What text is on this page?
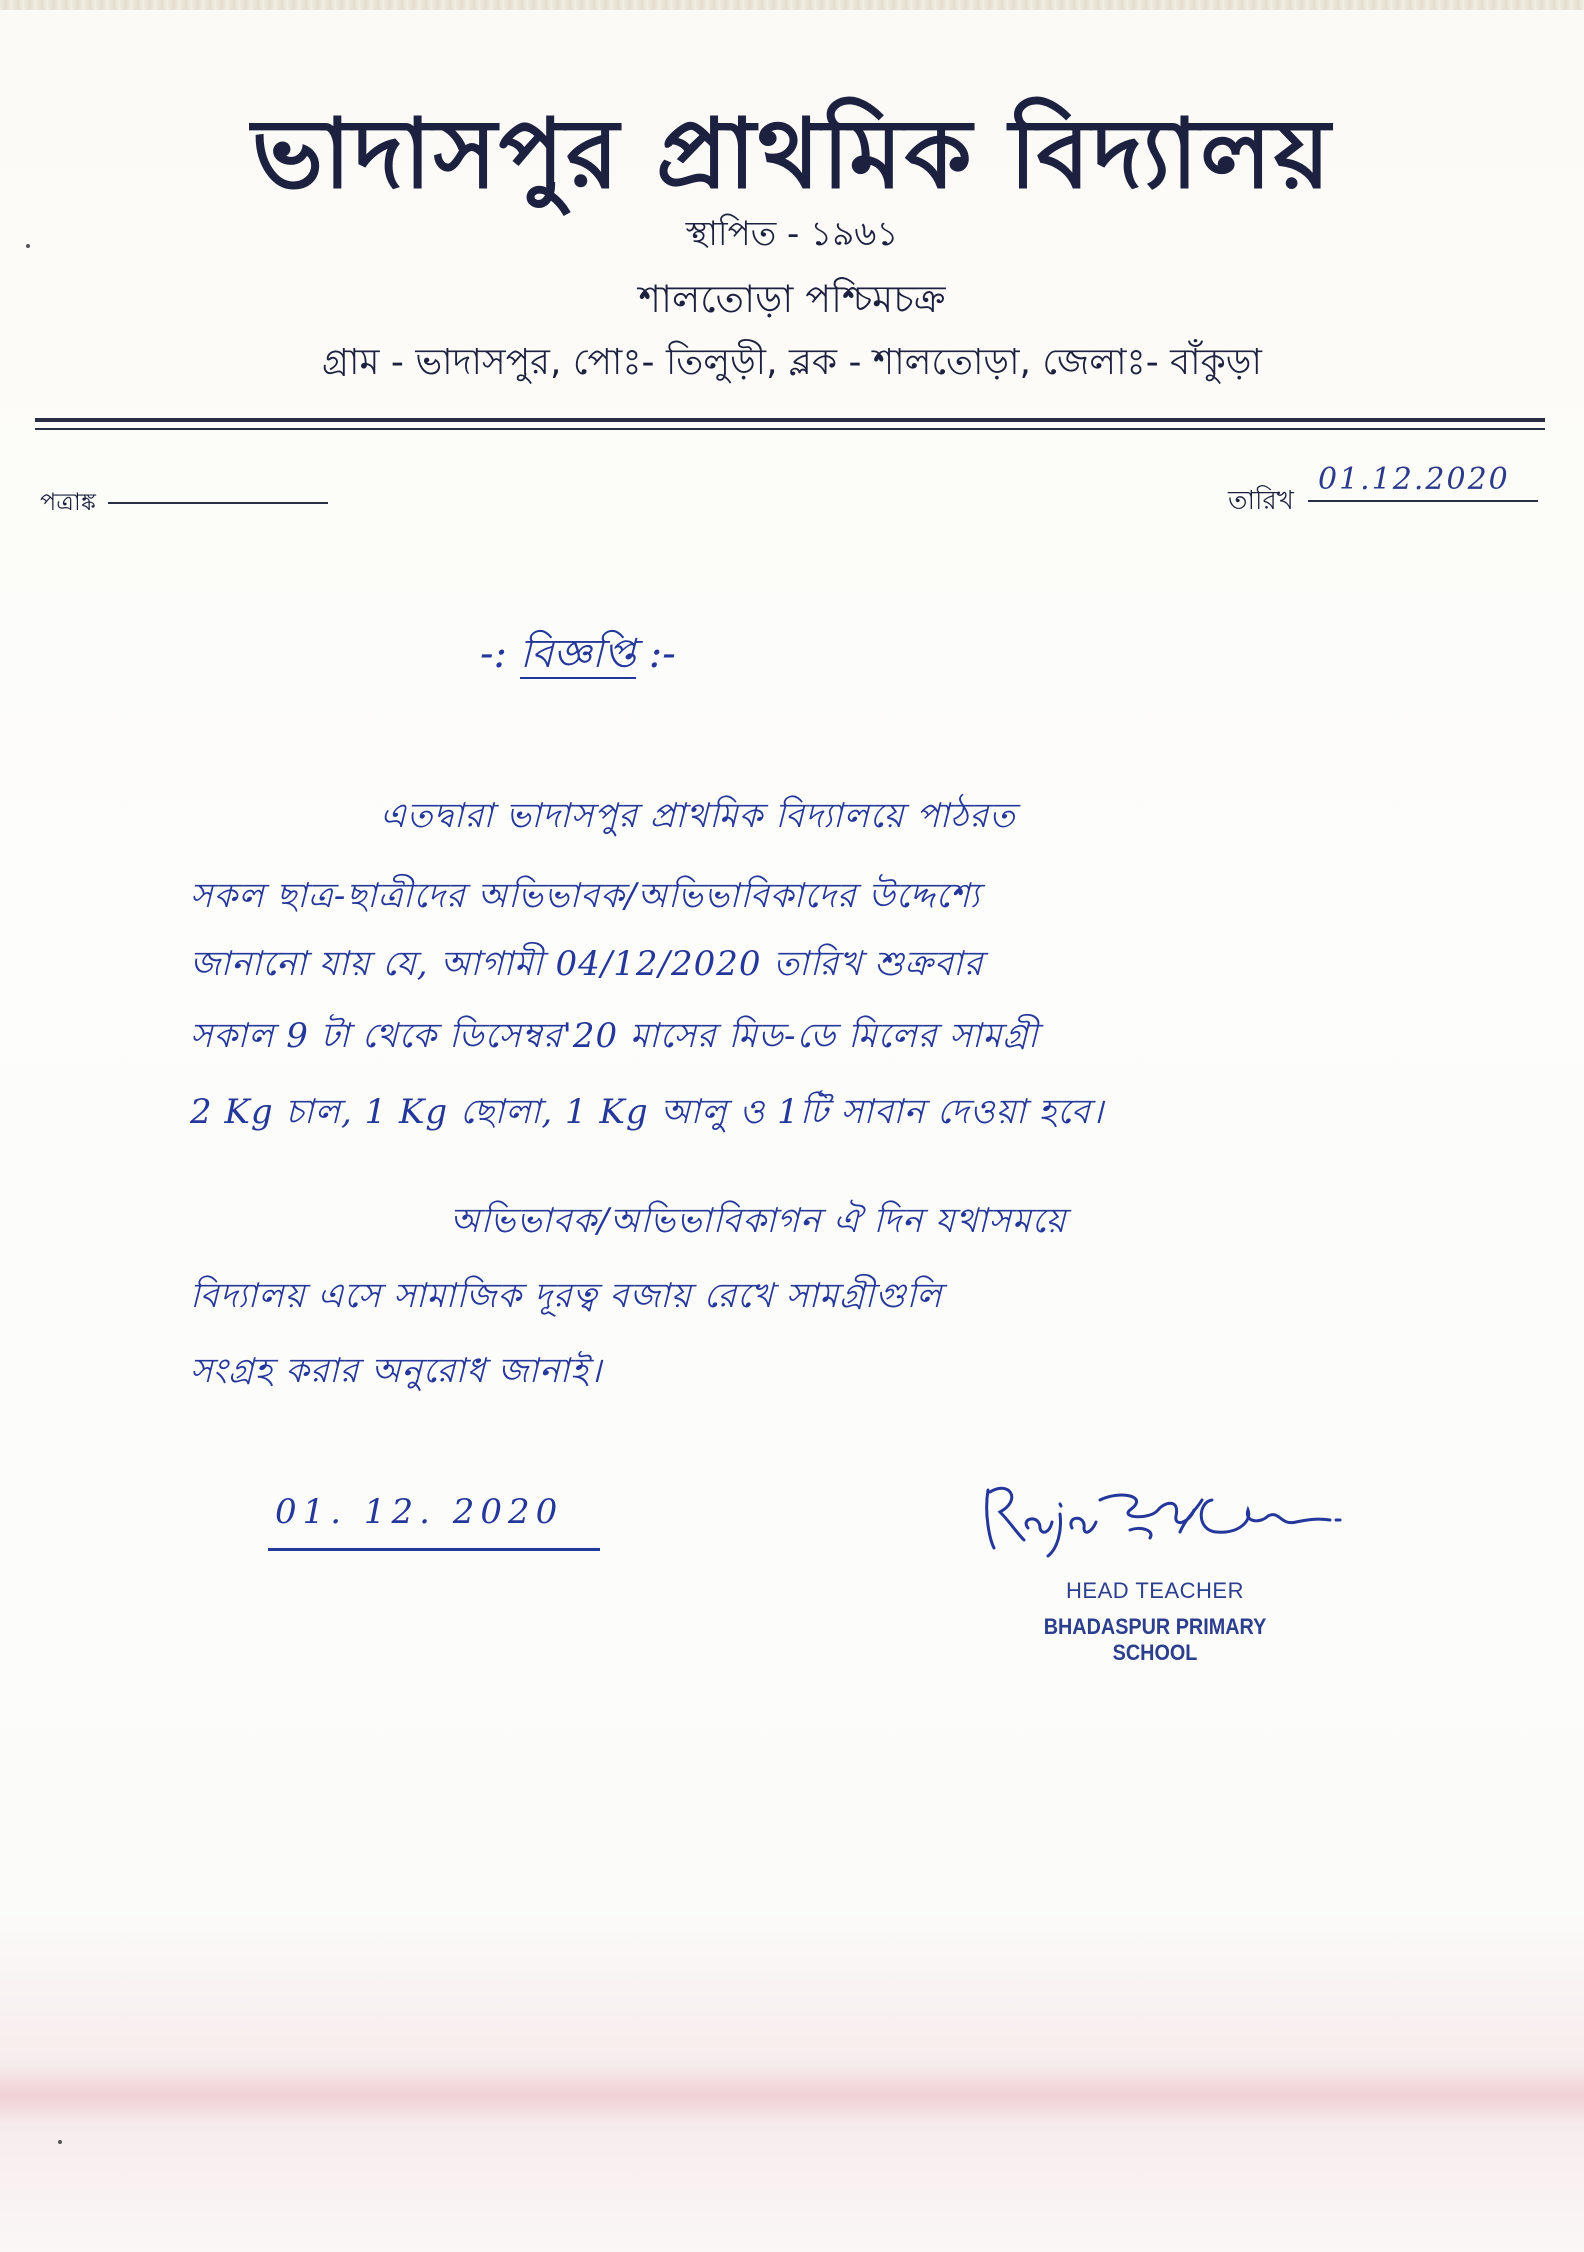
ভাদাসপুর প্রাথমিক বিদ্যালয়
স্থাপিত - ১৯৬১
শালতোড়া পশ্চিমচক্র
গ্রাম - ভাদাসপুর, পোঃ- তিলুড়ী, ব্লক - শালতোড়া, জেলাঃ- বাঁকুড়া
পত্রাঙ্ক	তারিখ
01.12.2020
-: বিজ্ঞপ্তি :-
এতদ্বারা ভাদাসপুর প্রাথমিক বিদ্যালয়ে পাঠরত
সকল ছাত্র-ছাত্রীদের অভিভাবক/অভিভাবিকাদের উদ্দেশ্যে
জানানো যায় যে, আগামী 04/12/2020 তারিখ শুক্রবার
সকাল 9 টা থেকে ডিসেম্বর'20 মাসের মিড-ডে মিলের সামগ্রী
2 Kg চাল, 1 Kg ছোলা, 1 Kg আলু ও 1টি সাবান দেওয়া হবে।
অভিভাবক/অভিভাবিকাগন ঐ দিন যথাসময়ে
বিদ্যালয় এসে সামাজিক দূরত্ব বজায় রেখে সামগ্রীগুলি
সংগ্রহ করার অনুরোধ জানাই।
01. 12. 2020
HEAD TEACHER
BHADASPUR PRIMARY SCHOOL
